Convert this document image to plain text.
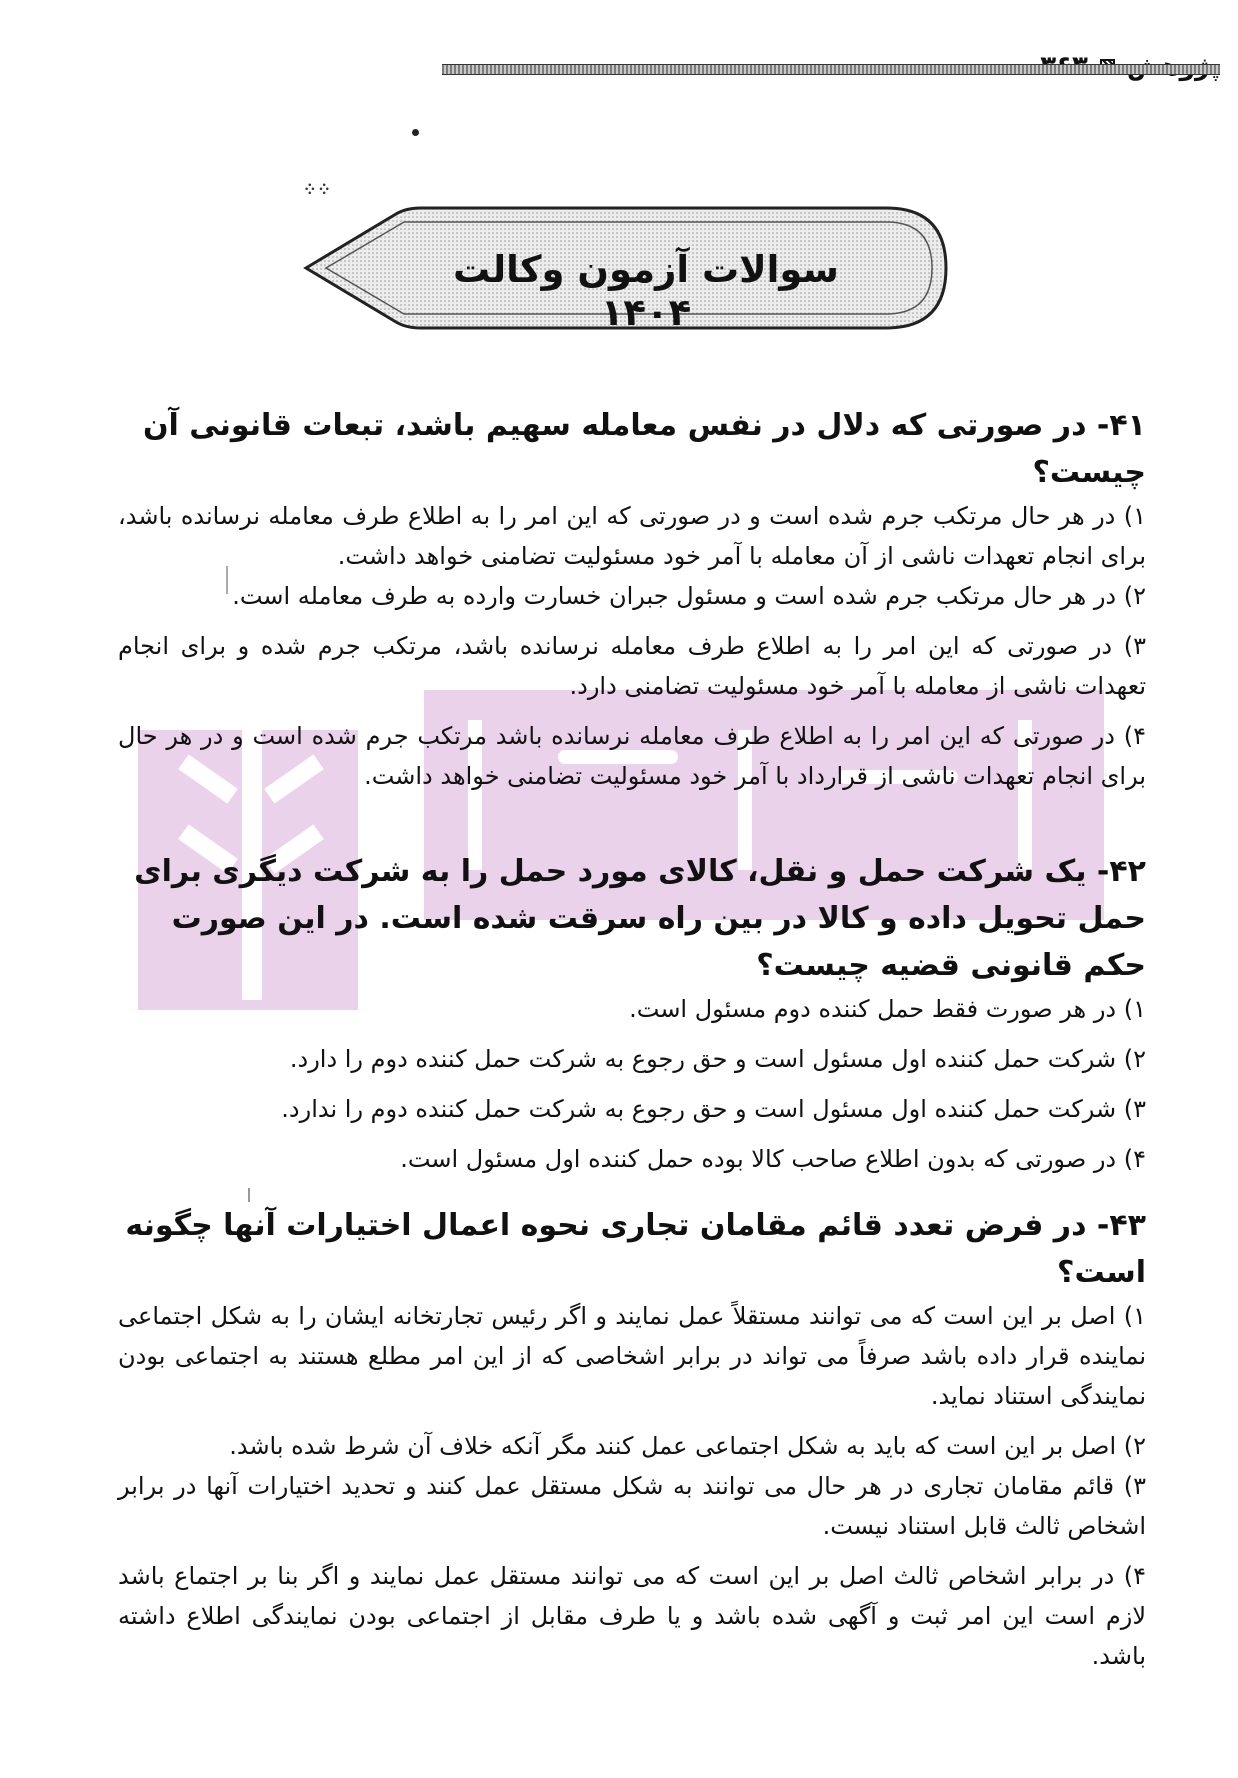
᠅᠅
سوالات آزمون وکالت ۱۴۰۴
۴۱- در صورتی که دلال در نفس معامله سهیم باشد، تبعات قانونی آن چیست؟
۱) در هر حال مرتکب جرم شده است و در صورتی که این امر را به اطلاع طرف معامله نرسانده باشد، برای انجام تعهدات ناشی از آن معامله با آمر خود مسئولیت تضامنی خواهد داشت.
۲) در هر حال مرتکب جرم شده است و مسئول جبران خسارت وارده به طرف معامله است.
۳) در صورتی که این امر را به اطلاع طرف معامله نرسانده باشد، مرتکب جرم شده و برای انجام تعهدات ناشی از معامله با آمر خود مسئولیت تضامنی دارد.
۴) در صورتی که این امر را به اطلاع طرف معامله نرسانده باشد مرتکب جرم شده است و در هر حال برای انجام تعهدات ناشی از قرارداد با آمر خود مسئولیت تضامنی خواهد داشت.
۴۲- یک شرکت حمل و نقل، کالای مورد حمل را به شرکت دیگری برای حمل تحویل داده و کالا در بین راه سرقت شده است. در این صورت حکم قانونی قضیه چیست؟
۱) در هر صورت فقط حمل کننده دوم مسئول است.
۲) شرکت حمل کننده اول مسئول است و حق رجوع به شرکت حمل کننده دوم را دارد.
۳) شرکت حمل کننده اول مسئول است و حق رجوع به شرکت حمل کننده دوم را ندارد.
۴) در صورتی که بدون اطلاع صاحب کالا بوده حمل کننده اول مسئول است.
۴۳- در فرض تعدد قائم مقامان تجاری نحوه اعمال اختیارات آنها چگونه است؟
۱) اصل بر این است که می توانند مستقلاً عمل نمایند و اگر رئیس تجارتخانه ایشان را به شکل اجتماعی نماینده قرار داده باشد صرفاً می تواند در برابر اشخاصی که از این امر مطلع هستند به اجتماعی بودن نمایندگی استناد نماید.
۲) اصل بر این است که باید به شکل اجتماعی عمل کنند مگر آنکه خلاف آن شرط شده باشد.
۳) قائم مقامان تجاری در هر حال می توانند به شکل مستقل عمل کنند و تحدید اختیارات آنها در برابر اشخاص ثالث قابل استناد نیست.
۴) در برابر اشخاص ثالث اصل بر این است که می توانند مستقل عمل نمایند و اگر بنا بر اجتماع باشد لازم است این امر ثبت و آگهی شده باشد و یا طرف مقابل از اجتماعی بودن نمایندگی اطلاع داشته باشد.
